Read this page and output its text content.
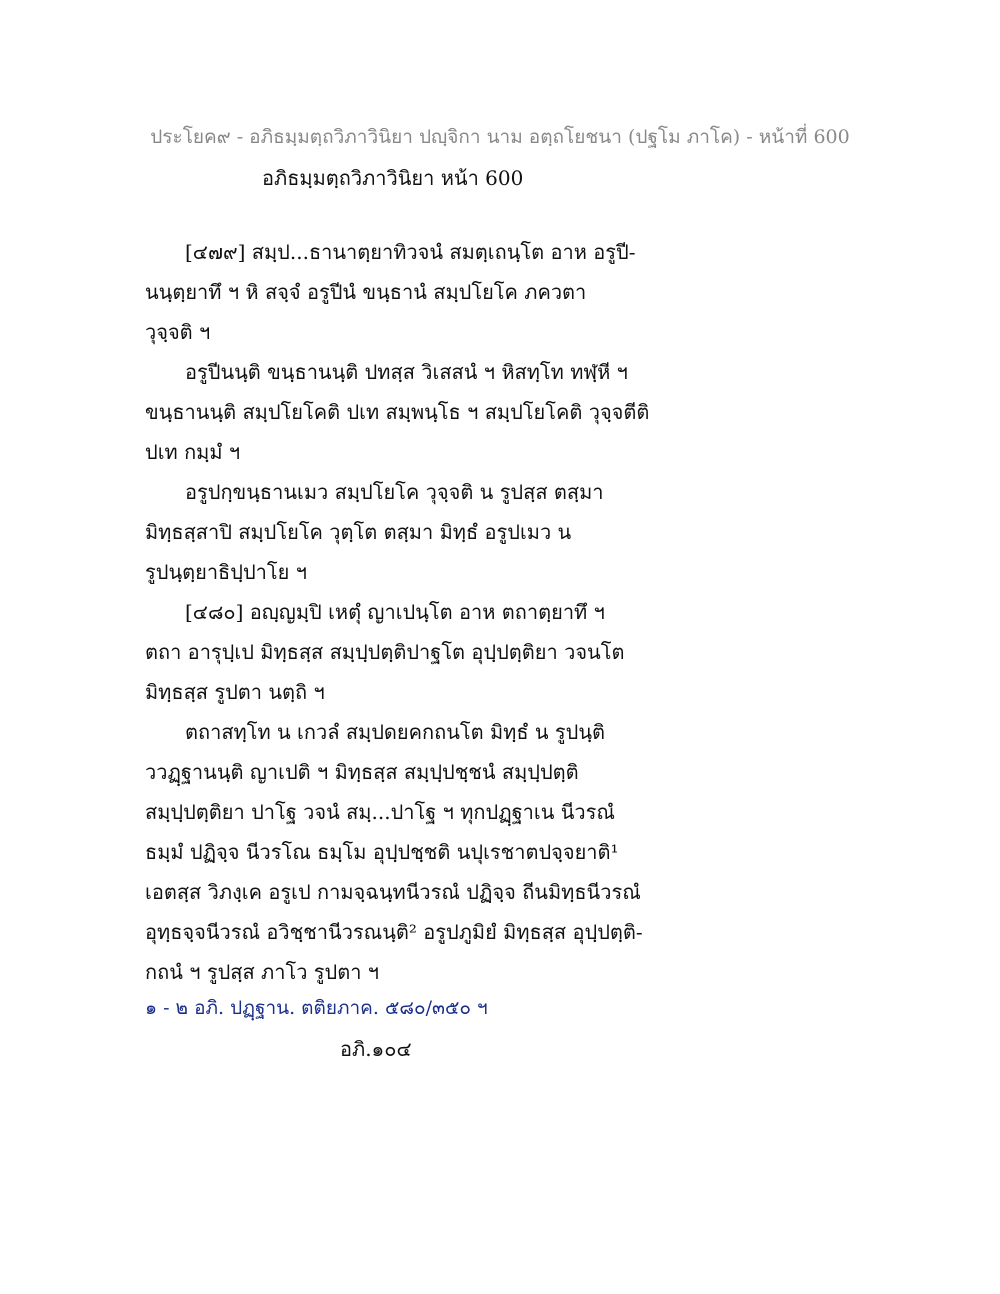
ประโยค๙ - อภิธมฺมตฺถวิภาวินิยา ปญฺจิกา นาม อตฺถโยชนา (ปฐโม ภาโค) - หน้าที่ 600
อภิธมฺมตฺถวิภาวินิยา หน้า 600
[๔๗๙] สมฺป...ธานาตฺยาทิวจนํ สมตฺเถนฺโต อาห อรูปี-
นนฺตฺยาทึ ฯ หิ สจฺจํ อรูปีนํ ขนฺธานํ สมฺปโยโค ภควตา
วุจฺจติ ฯ
อรูปีนนฺติ ขนฺธานนฺติ ปทสฺส วิเสสนํ ฯ หิสทฺโท ทฬฺหี ฯ
ขนฺธานนฺติ สมฺปโยโคติ ปเท สมฺพนฺโธ ฯ สมฺปโยโคติ วุจฺจตีติ
ปเท กมฺมํ ฯ
อรูปกฺขนฺธานเมว สมฺปโยโค วุจฺจติ น รูปสฺส ตสฺมา
มิทฺธสฺสาปิ สมฺปโยโค วุตฺโต ตสฺมา มิทฺธํ อรูปเมว น
รูปนฺตฺยาธิปฺปาโย ฯ
[๔๘๐] อญฺญมฺปิ เหตุํ ญาเปนฺโต อาห ตถาตฺยาทึ ฯ
ตถา อารุปฺเป มิทฺธสฺส สมฺปฺปตฺติปาฐโต อุปฺปตฺติยา วจนโต
มิทฺธสฺส รูปตา นตฺถิ ฯ
ตถาสทฺโท น เกวลํ สมฺปดยคกถนโต มิทฺธํ น รูปนฺติ
ววฏฺฐานนฺติ ญาเปติ ฯ มิทฺธสฺส สมฺปฺปชฺชนํ สมฺปฺปตฺติ
สมฺปฺปตฺติยา ปาโฐ วจนํ สมฺ...ปาโฐ ฯ ทุกปฏฺฐาเน นีวรณํ
ธมฺมํ ปฏิจฺจ นีวรโณ ธมฺโม อุปฺปชฺชติ นปุเรชาตปจฺจยาติ¹
เอตสฺส วิภงฺเค อรูเป กามจฺฉนฺทนีวรณํ ปฏิจฺจ ถีนมิทฺธนีวรณํ
อุทฺธจฺจนีวรณํ อวิชฺชานีวรณนฺติ² อรูปภูมิยํ มิทฺธสฺส อุปฺปตฺติ-
กถนํ ฯ รูปสฺส ภาโว รูปตา ฯ
๑ - ๒ อภิ. ปฏฺฐาน. ตติยภาค. ๕๘๐/๓๕๐ ฯ
อภิ.๑๐๔
